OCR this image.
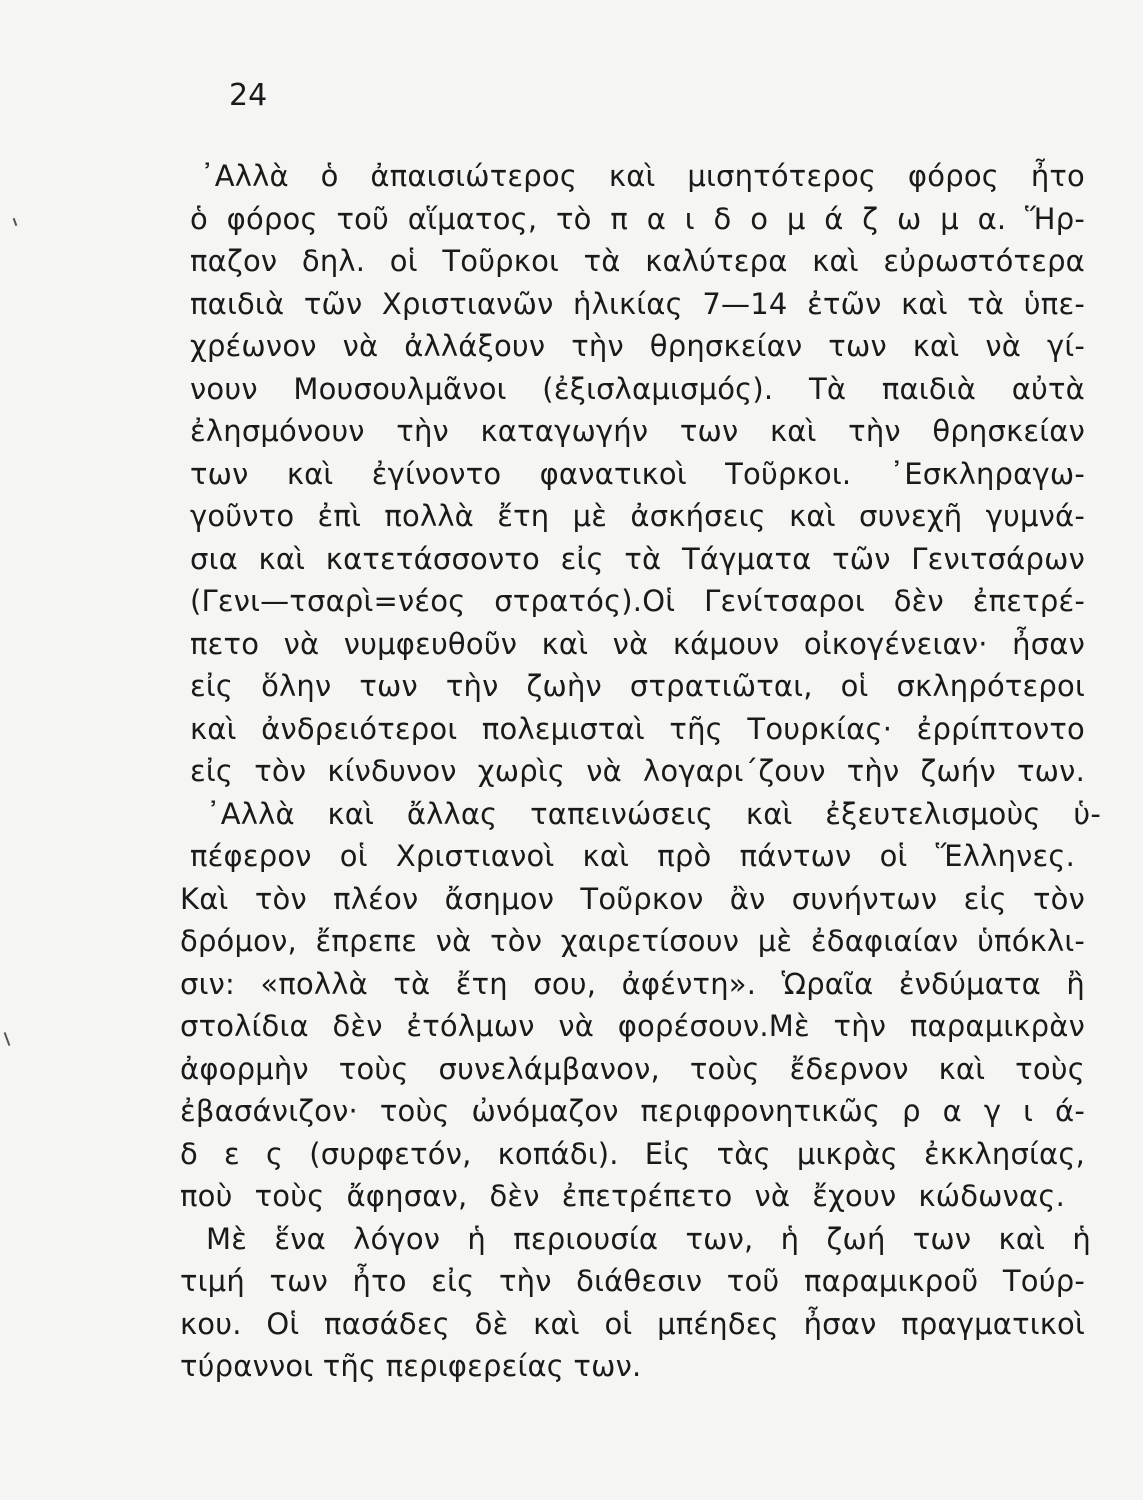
24
᾿Αλλὰ ὁ ἀπαισιώτερος καὶ μισητότερος φόρος ἦτο
ὁ φόρος τοῦ αἵματος, τὸ π α ι δ ο μ ά ζ ω μ α. Ἥρ-
παζον δηλ. οἱ Τοῦρκοι τὰ καλύτερα καὶ εὐρωστότερα
παιδιὰ τῶν Χριστιανῶν ἡλικίας 7—14 ἐτῶν καὶ τὰ ὑπε-
χρέωνον νὰ ἀλλάξουν τὴν θρησκείαν των καὶ νὰ γί-
νουν Μουσουλμᾶνοι (ἐξισλαμισμός). Τὰ παιδιὰ αὐτὰ
ἐλησμόνουν τὴν καταγωγήν των καὶ τὴν θρησκείαν
των καὶ ἐγίνοντο φανατικοὶ Τοῦρκοι. ᾿Εσκληραγω-
γοῦντο ἐπὶ πολλὰ ἔτη μὲ ἀσκήσεις καὶ συνεχῆ γυμνά-
σια καὶ κατετάσσοντο εἰς τὰ Τάγματα τῶν Γενιτσάρων
(Γενι—τσαρὶ=νέος στρατός).Οἱ Γενίτσαροι δὲν ἐπετρέ-
πετο νὰ νυμφευθοῦν καὶ νὰ κάμουν οἰκογένειαν· ἦσαν
εἰς ὅλην των τὴν ζωὴν στρατιῶται, οἱ σκληρότεροι
καὶ ἀνδρειότεροι πολεμισταὶ τῆς Τουρκίας· ἐρρίπτοντο
εἰς τὸν κίνδυνον χωρὶς νὰ λογαρι΄ζουν τὴν ζωήν των.
᾿Αλλὰ καὶ ἄλλας ταπεινώσεις καὶ ἐξευτελισμοὺς ὑ-
πέφερον οἱ Χριστιανοὶ καὶ πρὸ πάντων οἱ Ἕλληνες.
Καὶ τὸν πλέον ἄσημον Τοῦρκον ἂν συνήντων εἰς τὸν
δρόμον, ἔπρεπε νὰ τὸν χαιρετίσουν μὲ ἐδαφιαίαν ὑπόκλι-
σιν: «πολλὰ τὰ ἔτη σου, ἀφέντη». Ὡραῖα ἐνδύματα ἢ
στολίδια δὲν ἐτόλμων νὰ φορέσουν.Μὲ τὴν παραμικρὰν
ἀφορμὴν τοὺς συνελάμβανον, τοὺς ἔδερνον καὶ τοὺς
ἐβασάνιζον· τοὺς ὠνόμαζον περιφρονητικῶς ρ α γ ι ά-
δ ε ς (συρφετόν, κοπάδι). Εἰς τὰς μικρὰς ἐκκλησίας,
ποὺ τοὺς ἄφησαν, δὲν ἐπετρέπετο νὰ ἔχουν κώδωνας.
Μὲ ἕνα λόγον ἡ περιουσία των, ἡ ζωή των καὶ ἡ
τιμή των ἦτο εἰς τὴν διάθεσιν τοῦ παραμικροῦ Τούρ-
κου. Οἱ πασάδες δὲ καὶ οἱ μπέηδες ἦσαν πραγματικοὶ
τύραννοι τῆς περιφερείας των.
